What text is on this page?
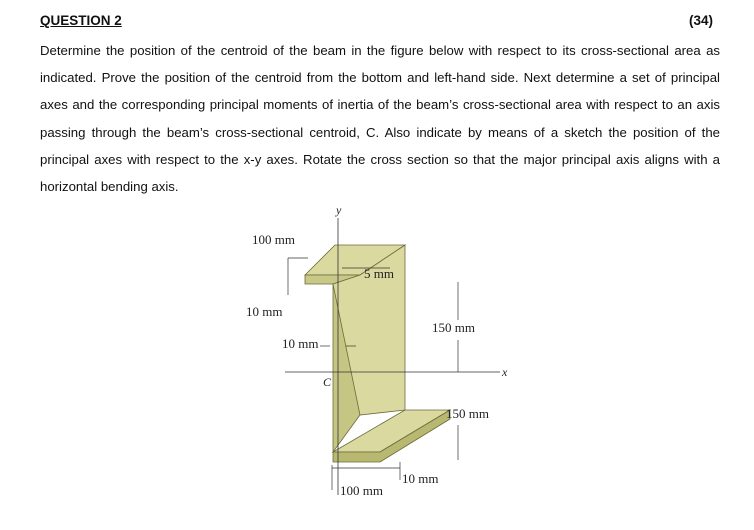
QUESTION 2	(34)

Determine the position of the centroid of the beam in the figure below with respect to its cross-sectional area as indicated. Prove the position of the centroid from the bottom and left-hand side. Next determine a set of principal axes and the corresponding principal moments of inertia of the beam’s cross-sectional area with respect to an axis passing through the beam’s cross-sectional centroid, C. Also indicate by means of a sketch the position of the principal axes with respect to the x-y axes. Rotate the cross section so that the major principal axis aligns with a horizontal bending axis.

y
x
C
100 mm
5 mm
10 mm
10 mm
150 mm
150 mm
100 mm
10 mm
